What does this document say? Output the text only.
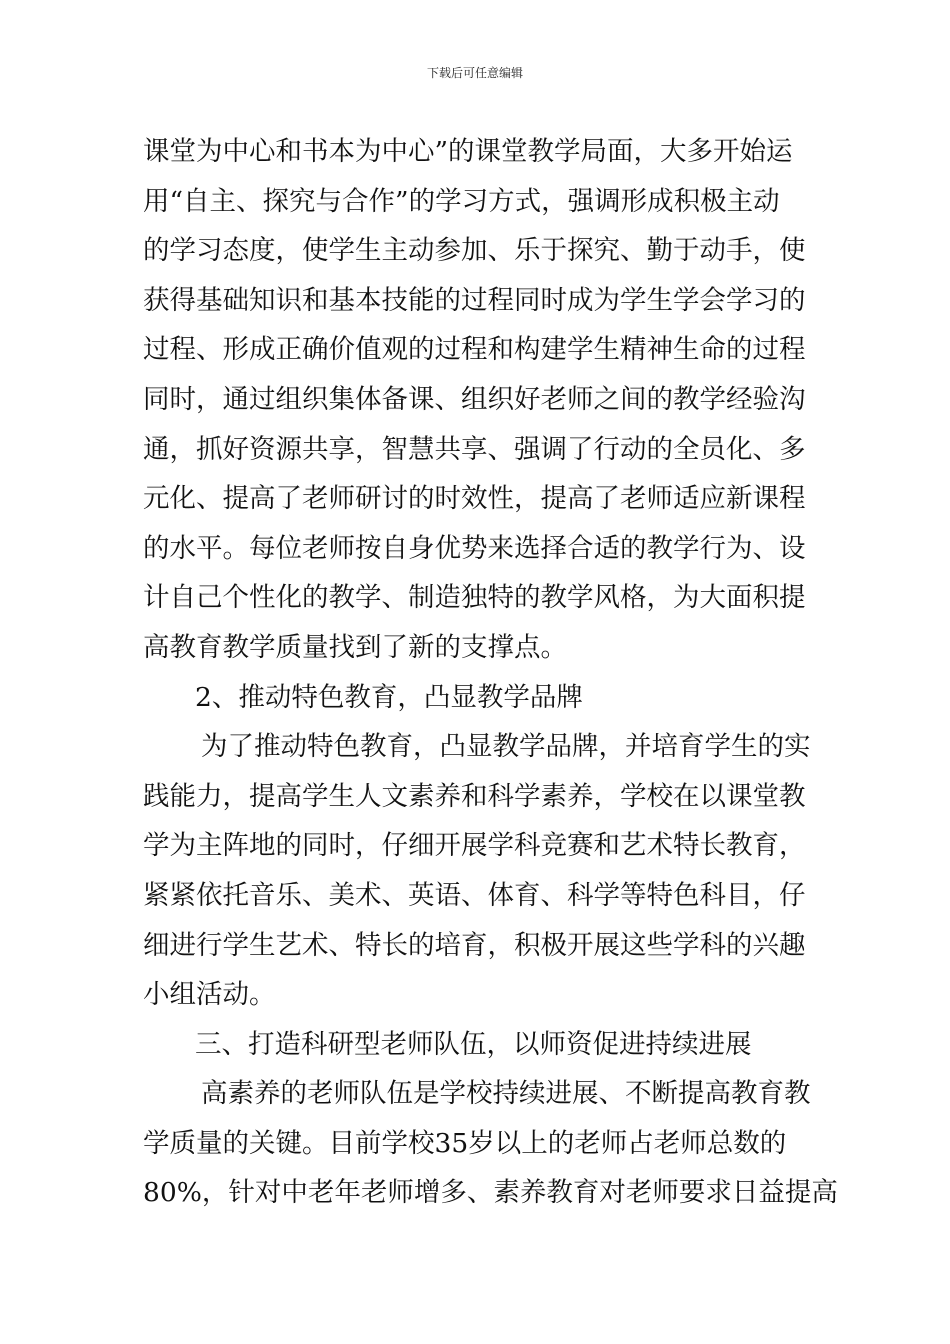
下载后可任意编辑
课堂为中心和书本为中心”的课堂教学局面，大多开始运
用“自主、探究与合作”的学习方式，强调形成积极主动
的学习态度，使学生主动参加、乐于探究、勤于动手，使
获得基础知识和基本技能的过程同时成为学生学会学习的
过程、形成正确价值观的过程和构建学生精神生命的过程
同时，通过组织集体备课、组织好老师之间的教学经验沟
通，抓好资源共享，智慧共享、强调了行动的全员化、多
元化、提高了老师研讨的时效性，提高了老师适应新课程
的水平。每位老师按自身优势来选择合适的教学行为、设
计自己个性化的教学、制造独特的教学风格，为大面积提
高教育教学质量找到了新的支撑点。
2、推动特色教育，凸显教学品牌
为了推动特色教育，凸显教学品牌，并培育学生的实
践能力，提高学生人文素养和科学素养，学校在以课堂教
学为主阵地的同时，仔细开展学科竞赛和艺术特长教育，
紧紧依托音乐、美术、英语、体育、科学等特色科目，仔
细进行学生艺术、特长的培育，积极开展这些学科的兴趣
小组活动。
三、打造科研型老师队伍，以师资促进持续进展
高素养的老师队伍是学校持续进展、不断提高教育教
学质量的关键。目前学校35岁以上的老师占老师总数的
80%，针对中老年老师增多、素养教育对老师要求日益提高
